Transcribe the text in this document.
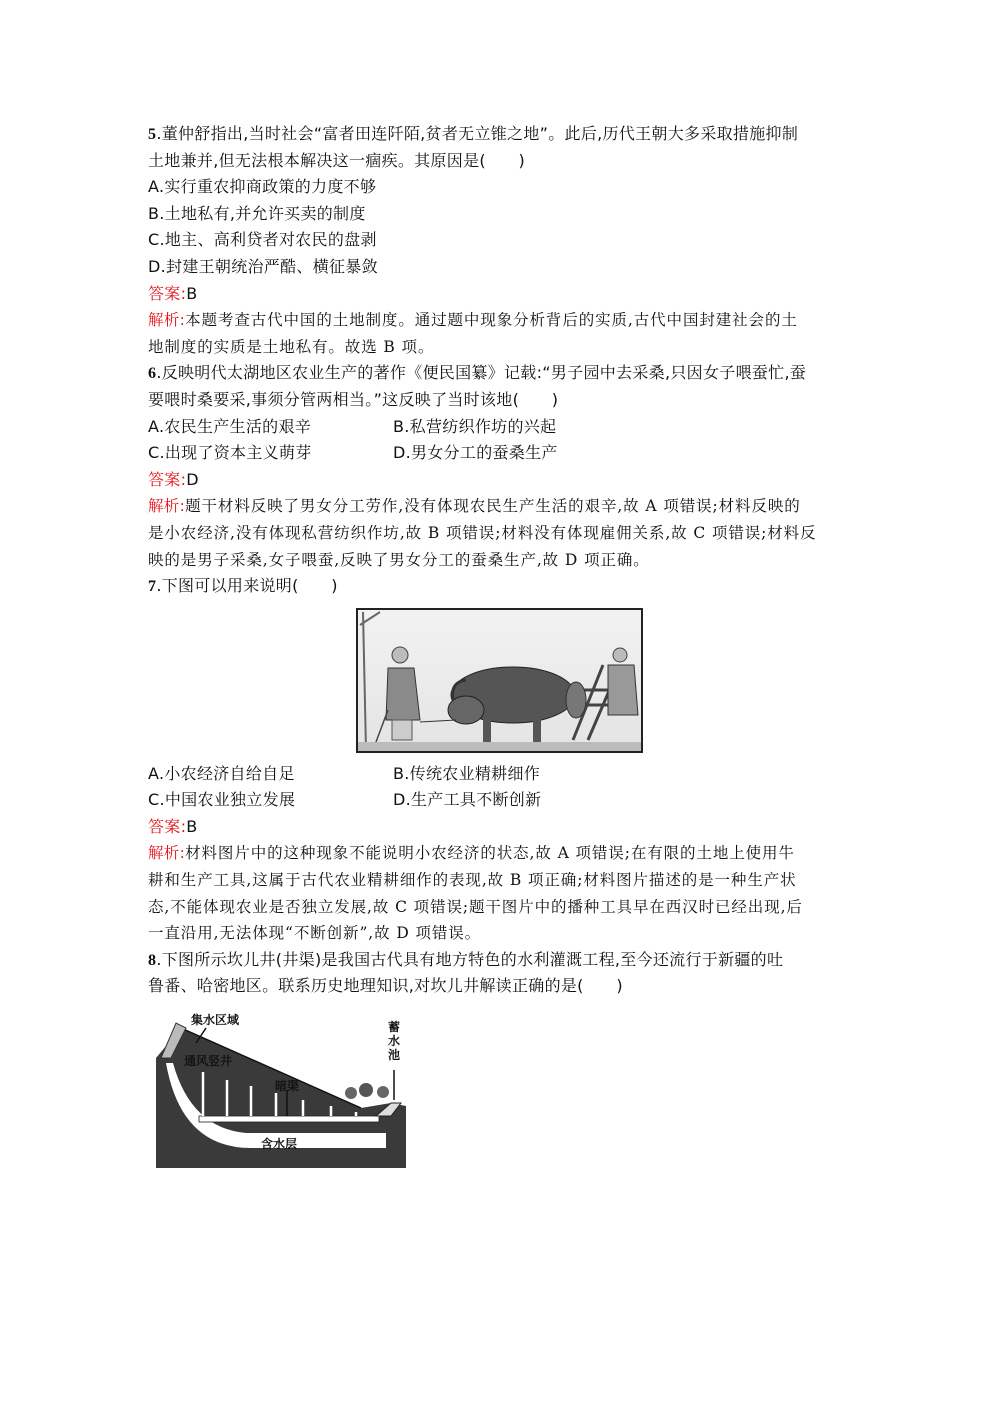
5.董仲舒指出,当时社会“富者田连阡陌,贫者无立锥之地”。此后,历代王朝大多采取措施抑制
土地兼并,但无法根本解决这一痼疾。其原因是(　　)
A.实行重农抑商政策的力度不够
B.土地私有,并允许买卖的制度
C.地主、高利贷者对农民的盘剥
D.封建王朝统治严酷、横征暴敛
答案:B
解析:本题考查古代中国的土地制度。通过题中现象分析背后的实质,古代中国封建社会的土
地制度的实质是土地私有。故选 B 项。
6.反映明代太湖地区农业生产的著作《便民国纂》记载:“男子园中去采桑,只因女子喂蚕忙,蚕
要喂时桑要采,事须分管两相当。”这反映了当时该地(　　)
A.农民生产生活的艰辛	B.私营纺织作坊的兴起
C.出现了资本主义萌芽	D.男女分工的蚕桑生产
答案:D
解析:题干材料反映了男女分工劳作,没有体现农民生产生活的艰辛,故 A 项错误;材料反映的
是小农经济,没有体现私营纺织作坊,故 B 项错误;材料没有体现雇佣关系,故 C 项错误;材料反
映的是男子采桑,女子喂蚕,反映了男女分工的蚕桑生产,故 D 项正确。
7.下图可以用来说明(　　)
A.小农经济自给自足	B.传统农业精耕细作
C.中国农业独立发展	D.生产工具不断创新
答案:B
解析:材料图片中的这种现象不能说明小农经济的状态,故 A 项错误;在有限的土地上使用牛
耕和生产工具,这属于古代农业精耕细作的表现,故 B 项正确;材料图片描述的是一种生产状
态,不能体现农业是否独立发展,故 C 项错误;题干图片中的播种工具早在西汉时已经出现,后
一直沿用,无法体现“不断创新”,故 D 项错误。
8.下图所示坎儿井(井渠)是我国古代具有地方特色的水利灌溉工程,至今还流行于新疆的吐
鲁番、哈密地区。联系历史地理知识,对坎儿井解读正确的是(　　)
集水区域
通风竖井
暗渠
蓄水池
含水层
